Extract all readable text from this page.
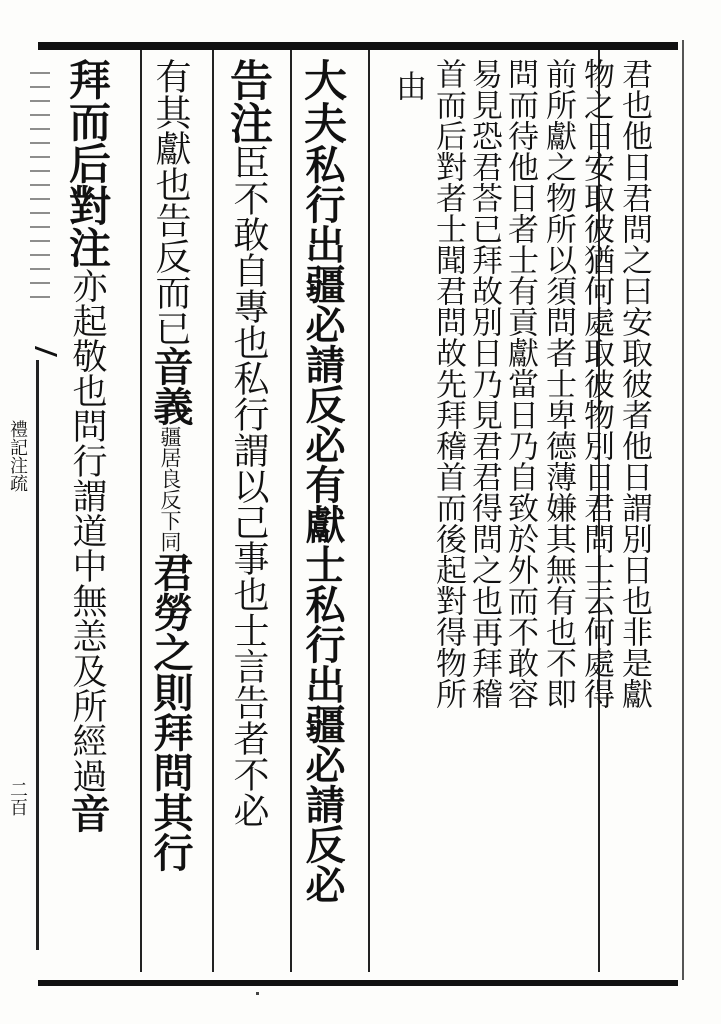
禮記注疏
二百
君也他日君問之曰安取彼者他日謂別日也非是獻
物之日安取彼猶何處取彼物別日君問士云何處得
前所獻之物所以須問者士卑德薄嫌其無有也不即
問而待他日者士有貢獻當日乃自致於外而不敢容
易見恐君荅已拜故別日乃見君君得問之也再拜稽
首而后對者士聞君問故先拜稽首而後起對得物所
由
大夫私行出疆必請反必有獻士私行出疆必請反必
告注臣不敢自專也私行謂以己事也士言告者不必
有其獻也告反而已音義疆居良反下同君勞之則拜問其行
拜而后對注亦起敬也問行謂道中無恙及所經過音
